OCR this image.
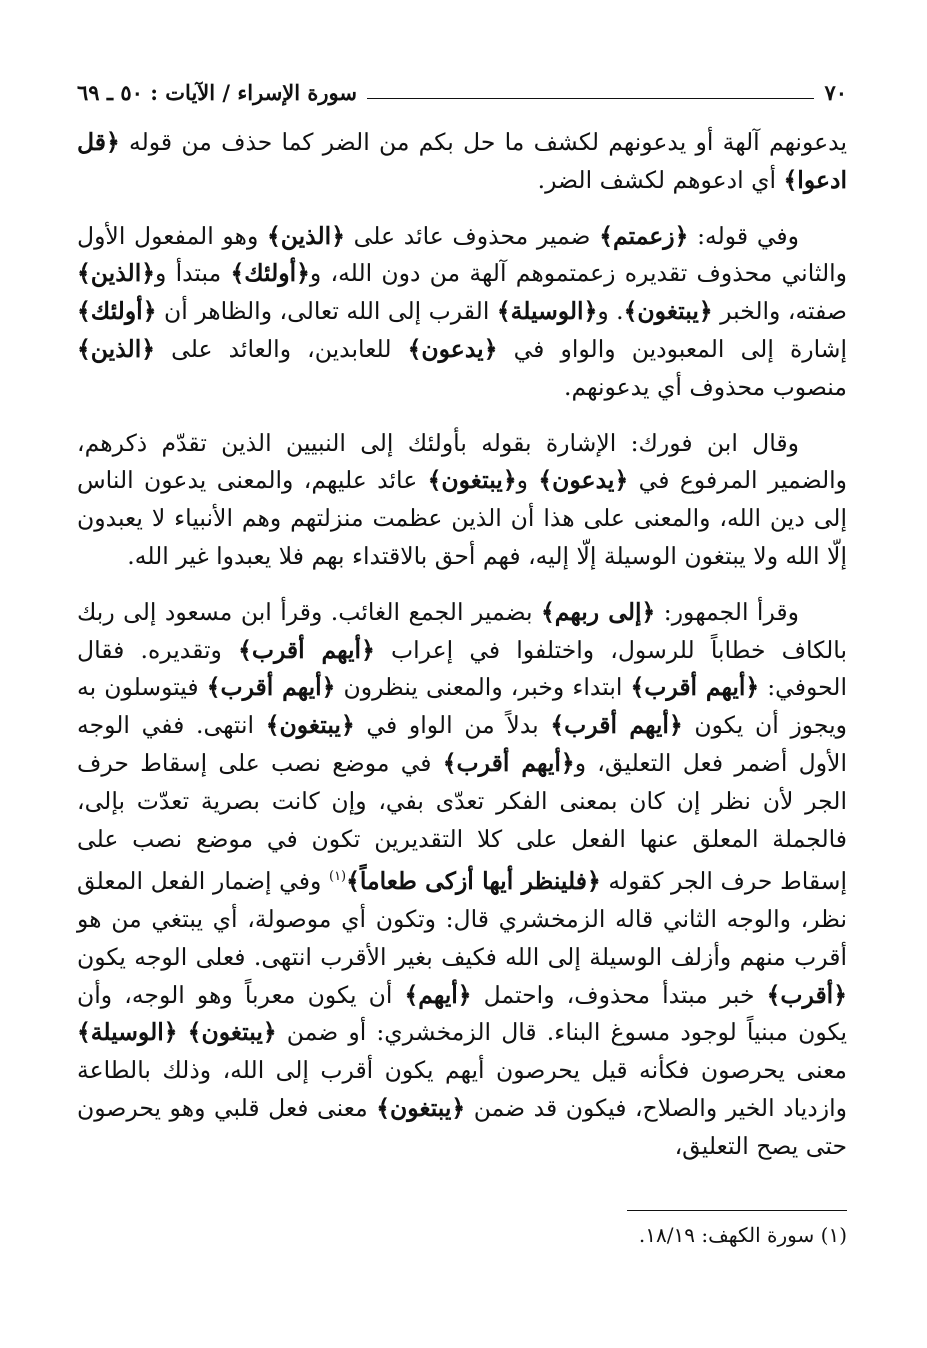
٧٠
سورة الإسراء / الآيات : ٥٠ ـ ٦٩

يدعونهم آلهة أو يدعونهم لكشف ما حل بكم من الضر كما حذف من قوله ﴿قل ادعوا﴾ أي ادعوهم لكشف الضر.

وفي قوله: ﴿زعمتم﴾ ضمير محذوف عائد على ﴿الذين﴾ وهو المفعول الأول والثاني محذوف تقديره زعمتموهم آلهة من دون الله، و﴿أولئك﴾ مبتدأ و﴿الذين﴾ صفته، والخبر ﴿يبتغون﴾. و﴿الوسيلة﴾ القرب إلى الله تعالى، والظاهر أن ﴿أولئك﴾ إشارة إلى المعبودين والواو في ﴿يدعون﴾ للعابدين، والعائد على ﴿الذين﴾ منصوب محذوف أي يدعونهم.

وقال ابن فورك: الإشارة بقوله بأولئك إلى النبيين الذين تقدّم ذكرهم، والضمير المرفوع في ﴿يدعون﴾ و﴿يبتغون﴾ عائد عليهم، والمعنى يدعون الناس إلى دين الله، والمعنى على هذا أن الذين عظمت منزلتهم وهم الأنبياء لا يعبدون إلّا الله ولا يبتغون الوسيلة إلّا إليه، فهم أحق بالاقتداء بهم فلا يعبدوا غير الله.

وقرأ الجمهور: ﴿إلى ربهم﴾ بضمير الجمع الغائب. وقرأ ابن مسعود إلى ربك بالكاف خطاباً للرسول، واختلفوا في إعراب ﴿أيهم أقرب﴾ وتقديره. فقال الحوفي: ﴿أيهم أقرب﴾ ابتداء وخبر، والمعنى ينظرون ﴿أيهم أقرب﴾ فيتوسلون به ويجوز أن يكون ﴿أيهم أقرب﴾ بدلاً من الواو في ﴿يبتغون﴾ انتهى. ففي الوجه الأول أضمر فعل التعليق، و﴿أيهم أقرب﴾ في موضع نصب على إسقاط حرف الجر لأن نظر إن كان بمعنى الفكر تعدّى بفي، وإن كانت بصرية تعدّت بإلى، فالجملة المعلق عنها الفعل على كلا التقديرين تكون في موضع نصب على إسقاط حرف الجر كقوله ﴿فلينظر أيها أزكى طعاماً﴾$^{(١)}$ وفي إضمار الفعل المعلق نظر، والوجه الثاني قاله الزمخشري قال: وتكون أي موصولة، أي يبتغي من هو أقرب منهم وأزلف الوسيلة إلى الله فكيف بغير الأقرب انتهى. فعلى الوجه يكون ﴿أقرب﴾ خبر مبتدأ محذوف، واحتمل ﴿أيهم﴾ أن يكون معرباً وهو الوجه، وأن يكون مبنياً لوجود مسوغ البناء. قال الزمخشري: أو ضمن ﴿يبتغون﴾ ﴿الوسيلة﴾ معنى يحرصون فكأنه قيل يحرصون أيهم يكون أقرب إلى الله، وذلك بالطاعة وازدياد الخير والصلاح، فيكون قد ضمن ﴿يبتغون﴾ معنى فعل قلبي وهو يحرصون حتى يصح التعليق،

(١) سورة الكهف: ١٨/١٩.
